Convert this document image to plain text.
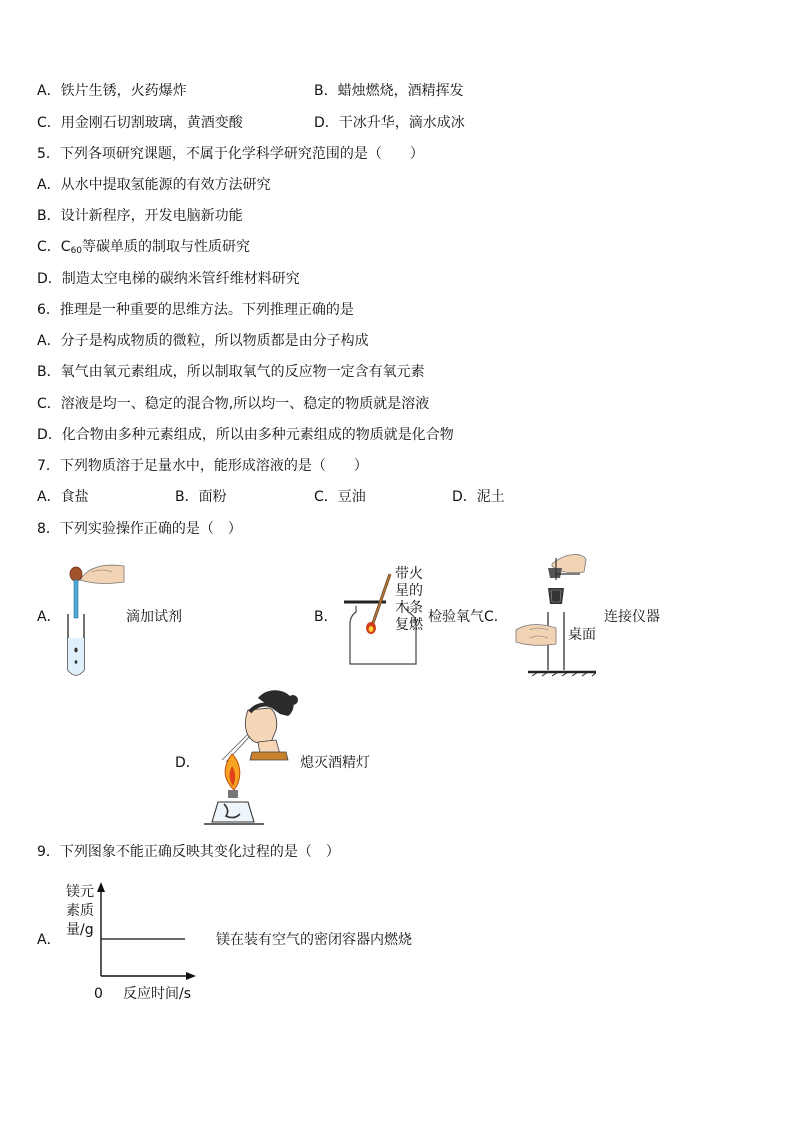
A．铁片生锈，火药爆炸	B．蜡烛燃烧，酒精挥发
C．用金刚石切割玻璃，黄酒变酸	D．干冰升华，滴水成冰
5．下列各项研究课题，不属于化学科学研究范围的是（　　）
A．从水中提取氢能源的有效方法研究
B．设计新程序，开发电脑新功能
C．$C_{60}$等碳单质的制取与性质研究
D．制造太空电梯的碳纳米管纤维材料研究
6．推理是一种重要的思维方法。下列推理正确的是
A．分子是构成物质的微粒，所以物质都是由分子构成
B．氧气由氧元素组成，所以制取氧气的反应物一定含有氧元素
C．溶液是均一、稳定的混合物,所以均一、稳定的物质就是溶液
D．化合物由多种元素组成，所以由多种元素组成的物质就是化合物
7．下列物质溶于足量水中，能形成溶液的是（　　）
A．食盐	B．面粉	C．豆油	D．泥土
8．下列实验操作正确的是（　）
A．	滴加试剂	B．
带火
星的
木条
复燃 检验氧气 C．
桌面
连接仪器
D．	熄灭酒精灯
9．下列图象不能正确反映其变化过程的是（　）
A．
镁元
素质
量/g
0 反应时间/s
镁在装有空气的密闭容器内燃烧
